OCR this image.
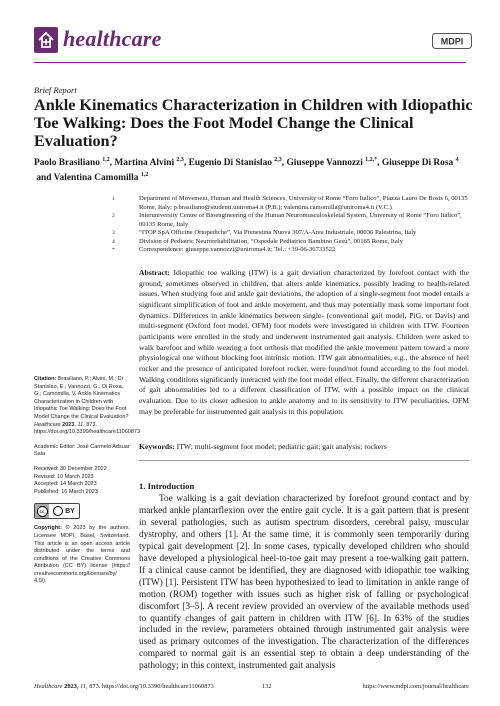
healthcare	MDPI
Brief Report
Ankle Kinematics Characterization in Children with Idiopathic Toe Walking: Does the Foot Model Change the Clinical Evaluation?
Paolo Brasiliano $^{1,2}$, Martina Alvini $^{2,3}$, Eugenio Di Stanislao $^{2,3}$, Giuseppe Vannozzi $^{1,2,*}$, Giuseppe Di Rosa $^4$ and Valentina Camomilla $^{1,2}$
1	Department of Movement, Human and Health Sciences, University of Rome “Foro Italico”, Piazza Lauro De Bosis 6, 00135 Rome, Italy; p.brasiliano@studenti.uniroma4.it (P.B.); valentina.camomilla@uniroma4.it (V.C.)
2	Interuniversity Centre of Bioengineering of the Human Neuromusculoskeletal System, University of Rome “Foro Italico”, 00135 Rome, Italy
3	“ITOP SpA Officine Ortopediche”, Via Prenestina Nuova 307/A-Area Industriale, 00036 Palestrina, Italy
4	Division of Pediatric Neurorehabilitation, “Ospedale Pediatrico Bambino Gesù”, 00165 Rome, Italy
*	Correspondence: giuseppe.vannozzi@uniroma4.it; Tel.: +39-06-36733522
Abstract: Idiopathic toe walking (ITW) is a gait deviation characterized by forefoot contact with the ground, sometimes observed in children, that alters ankle kinematics, possibly leading to health-related issues. When studying foot and ankle gait deviations, the adoption of a single-segment foot model entails a significant simplification of foot and ankle movement, and thus may potentially mask some important foot dynamics. Differences in ankle kinematics between single- (conventional gait model, PiG, or Davis) and multi-segment (Oxford foot model, OFM) foot models were investigated in children with ITW. Fourteen participants were enrolled in the study and underwent instrumented gait analysis. Children were asked to walk barefoot and while wearing a foot orthosis that modified the ankle movement pattern toward a more physiological one without blocking foot intrinsic motion. ITW gait abnormalities, e.g., the absence of heel rocker and the presence of anticipated forefoot rocker, were found/not found according to the foot model. Walking conditions significantly interacted with the foot model effect. Finally, the different characterization of gait abnormalities led to a different classification of ITW, with a possible impact on the clinical evaluation. Due to its closer adhesion to ankle anatomy and to its sensitivity to ITW peculiarities, OFM may be preferable for instrumented gait analysis in this population.
Keywords: ITW; multi-segment foot model; pediatric gait; gait analysis; rockers
Citation: Brasiliano, P.; Alvini, M.; Di Stanislao, E.; Vannozzi, G.; Di Rosa, G.; Camomilla, V. Ankle Kinematics Characterization in Children with Idiopathic Toe Walking: Does the Foot Model Change the Clinical Evaluation? Healthcare 2023, 11, 873. https://doi.org/10.3390/healthcare11060873
Academic Editor: José Carmelo Adsuar Sala
Received: 30 December 2022
Revised: 10 March 2023
Accepted: 14 March 2023
Published: 16 March 2023
cc	BY
Copyright: © 2023 by the authors. Licensee MDPI, Basel, Switzerland. This article is an open access article distributed under the terms and conditions of the Creative Commons Attribution (CC BY) license (https:// creativecommons.org/licenses/by/ 4.0/).
1. Introduction
Toe walking is a gait deviation characterized by forefoot ground contact and by marked ankle plantarflexion over the entire gait cycle. It is a gait pattern that is present in several pathologies, such as autism spectrum disorders, cerebral palsy, muscular dystrophy, and others [1]. At the same time, it is commonly seen temporarily during typical gait development [2]. In some cases, typically developed children who should have developed a physiological heel-to-toe gait may present a toe-walking gait pattern. If a clinical cause cannot be identified, they are diagnosed with idiopathic toe walking (ITW) [1]. Persistent ITW has been hypothesized to lead to limitation in ankle range of motion (ROM) together with issues such as higher risk of falling or psychological discomfort [3–5]. A recent review provided an overview of the available methods used to quantify changes of gait pattern in children with ITW [6]. In 63% of the studies included in the review, parameters obtained through instrumented gait analysis were used as primary outcomes of the investigation. The characterization of the differences compared to normal gait is an essential step to obtain a deep understanding of the pathology; in this context, instrumented gait analysis
Healthcare 2023, 11, 873. https://doi.org/10.3390/healthcare11060873	132	https://www.mdpi.com/journal/healthcare
